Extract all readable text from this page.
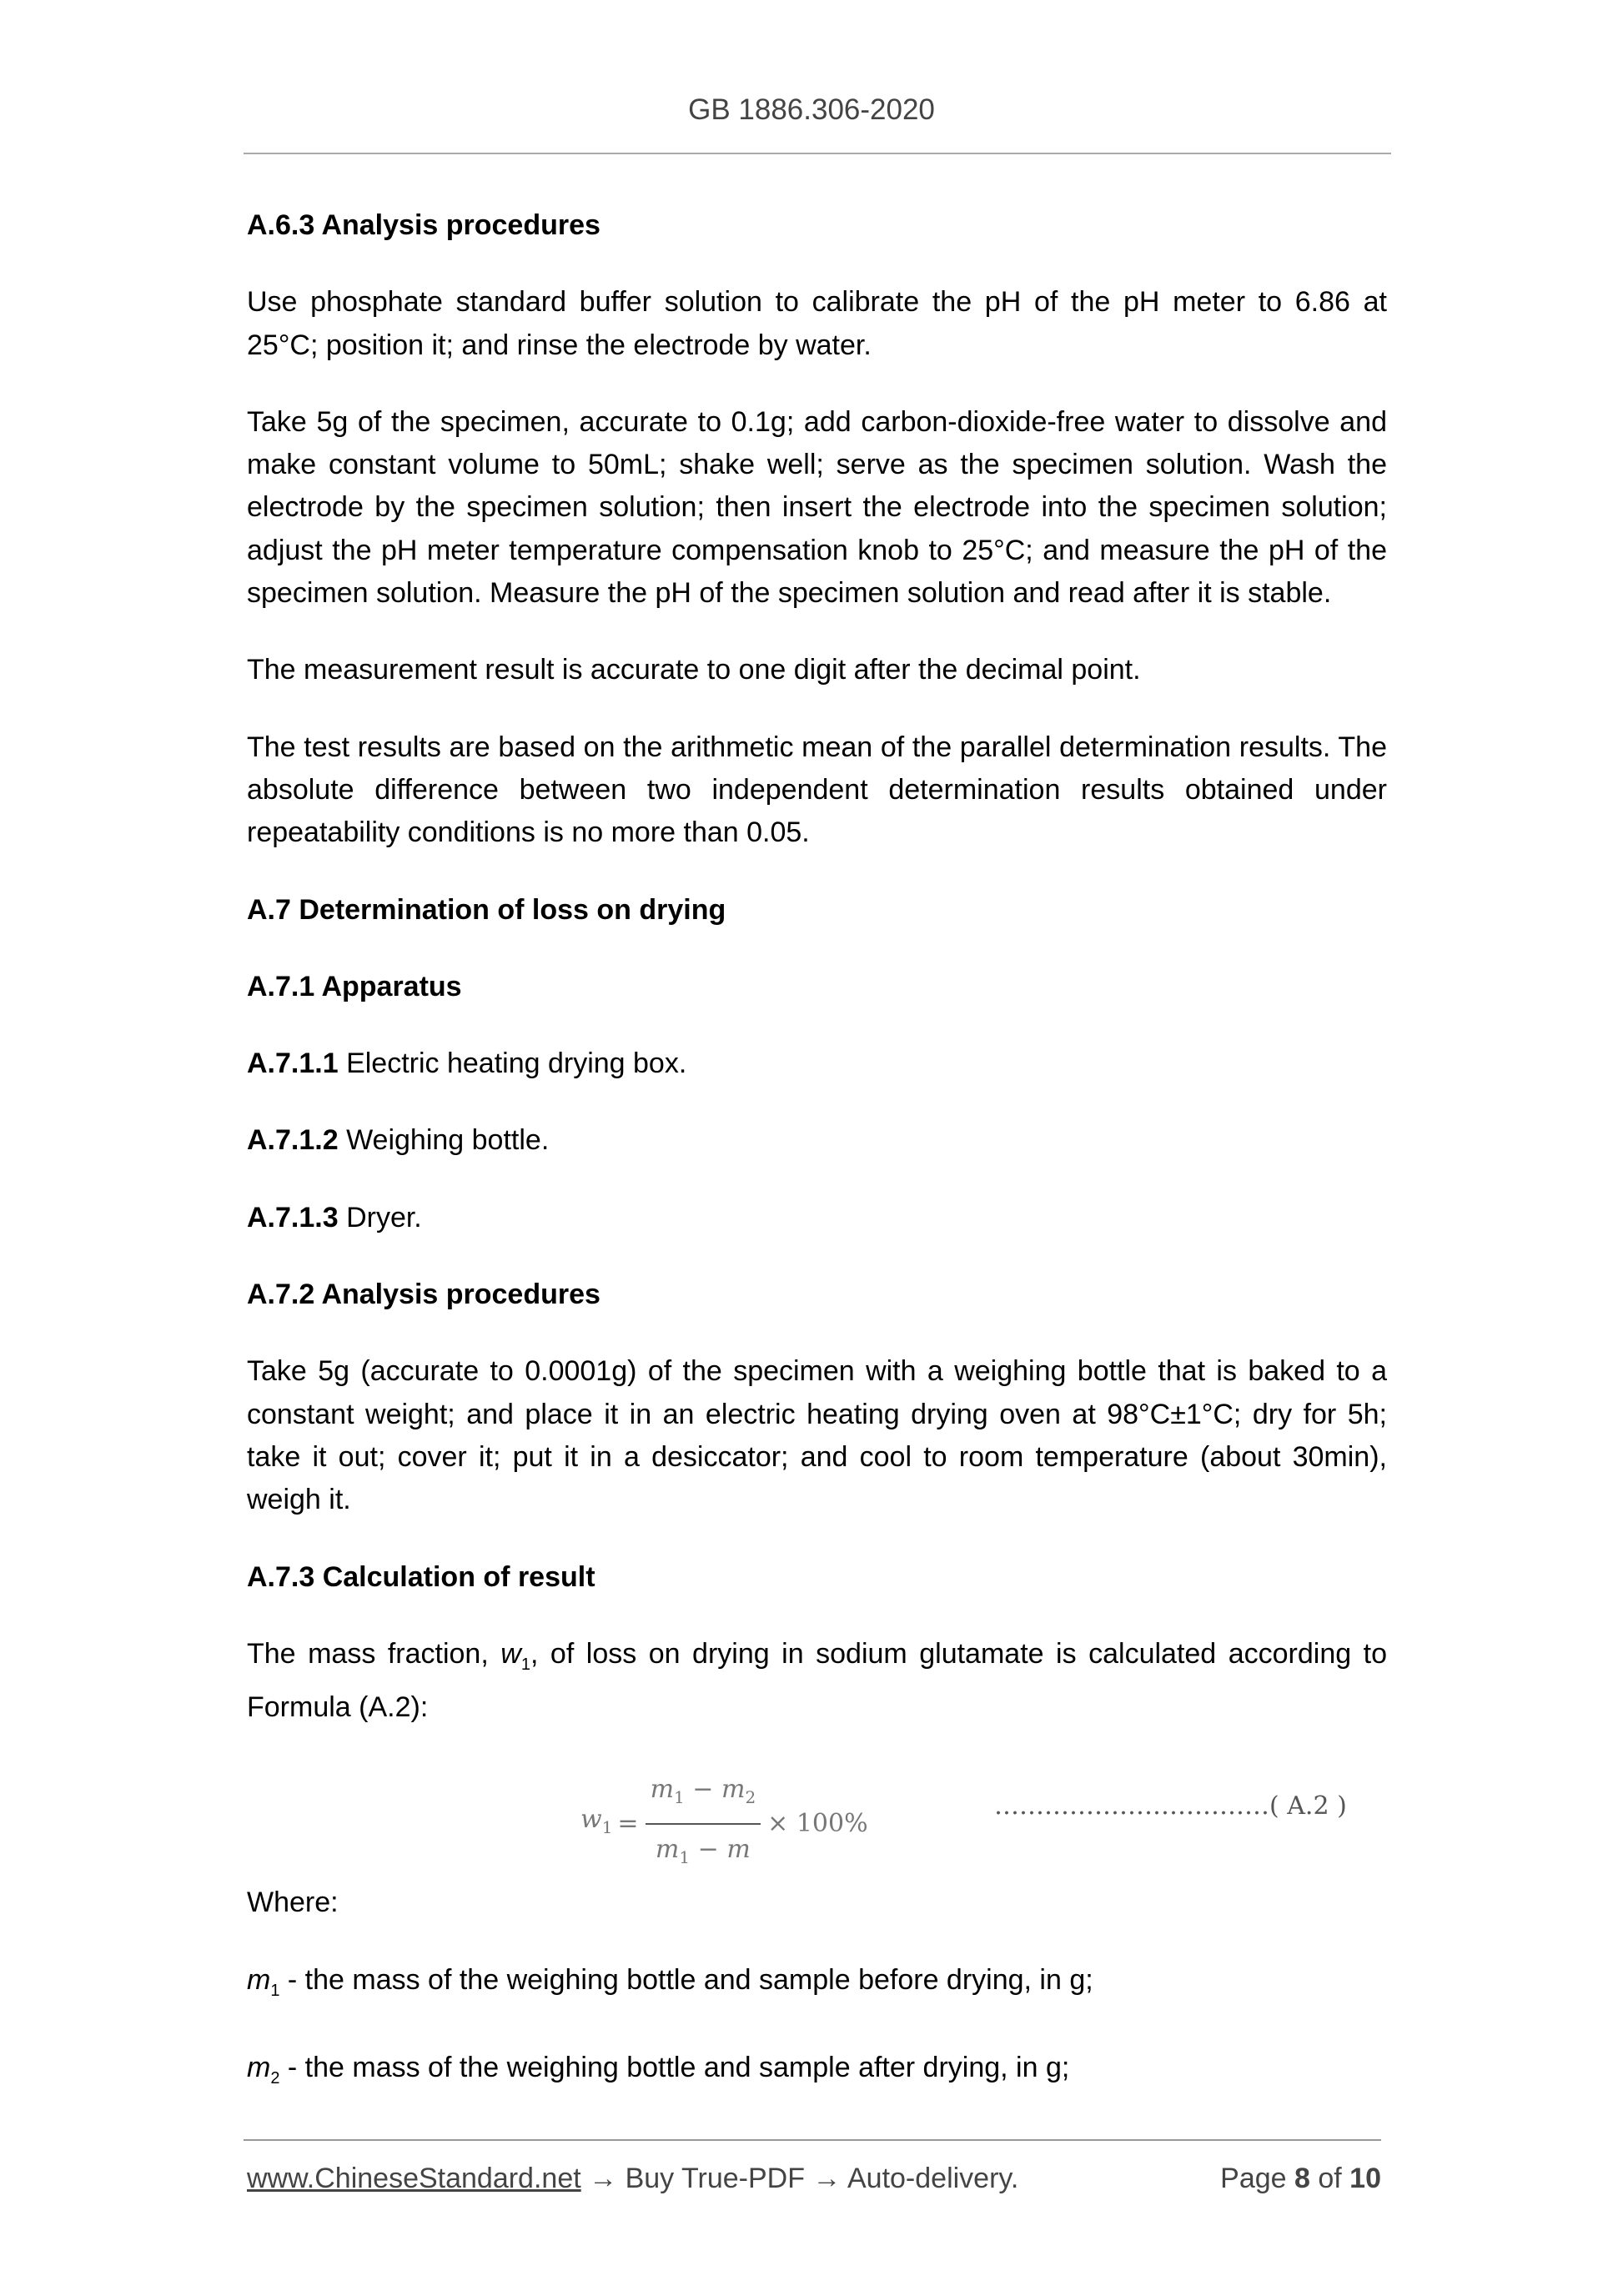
GB 1886.306-2020
A.6.3 Analysis procedures

Use phosphate standard buffer solution to calibrate the pH of the pH meter to 6.86 at 25°C; position it; and rinse the electrode by water.

Take 5g of the specimen, accurate to 0.1g; add carbon-dioxide-free water to dissolve and make constant volume to 50mL; shake well; serve as the specimen solution. Wash the electrode by the specimen solution; then insert the electrode into the specimen solution; adjust the pH meter temperature compensation knob to 25°C; and measure the pH of the specimen solution. Measure the pH of the specimen solution and read after it is stable.

The measurement result is accurate to one digit after the decimal point.

The test results are based on the arithmetic mean of the parallel determination results. The absolute difference between two independent determination results obtained under repeatability conditions is no more than 0.05.

A.7 Determination of loss on drying
A.7.1 Apparatus

A.7.1.1 Electric heating drying box.

A.7.1.2 Weighing bottle.

A.7.1.3 Dryer.

A.7.2 Analysis procedures

Take 5g (accurate to 0.0001g) of the specimen with a weighing bottle that is baked to a constant weight; and place it in an electric heating drying oven at 98°C±1°C; dry for 5h; take it out; cover it; put it in a desiccator; and cool to room temperature (about 30min), weigh it.

A.7.3 Calculation of result

The mass fraction, $w_1$, of loss on drying in sodium glutamate is calculated according to Formula (A.2):

$w_1 = \frac{m_1 - m_2}{m_1 - m} \times 100\%$
……………………………( A.2 )

Where:

$m_1$ - the mass of the weighing bottle and sample before drying, in g;

$m_2$ - the mass of the weighing bottle and sample after drying, in g;

www.ChineseStandard.net → Buy True-PDF → Auto-delivery.	Page 8 of 10
